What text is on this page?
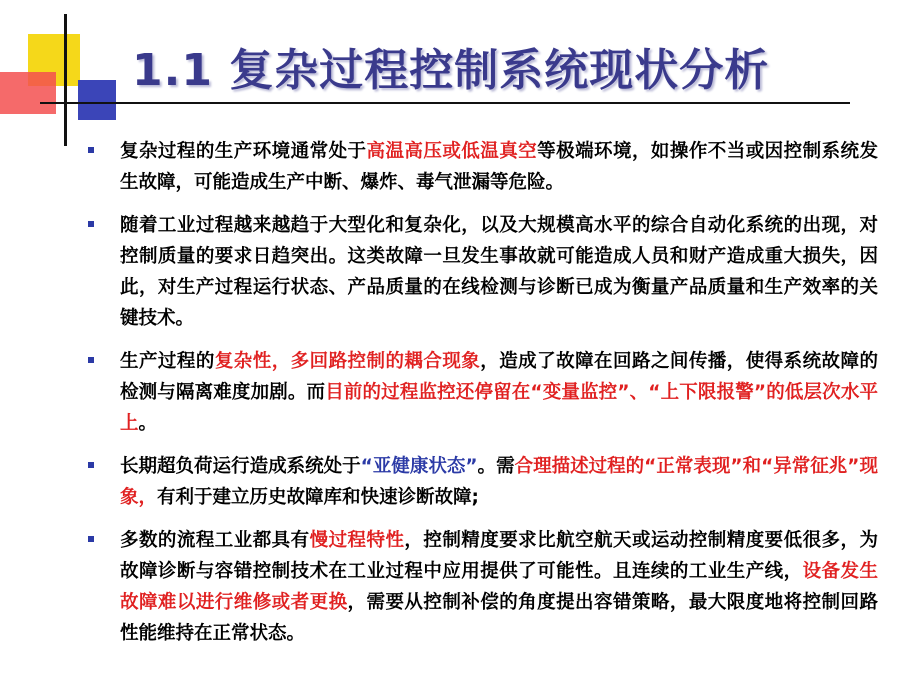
1.1 复杂过程控制系统现状分析
复杂过程的生产环境通常处于高温高压或低温真空等极端环境，如操作不当或因控制系统发生故障，可能造成生产中断、爆炸、毒气泄漏等危险。
随着工业过程越来越趋于大型化和复杂化，以及大规模高水平的综合自动化系统的出现，对控制质量的要求日趋突出。这类故障一旦发生事故就可能造成人员和财产造成重大损失，因此，对生产过程运行状态、产品质量的在线检测与诊断已成为衡量产品质量和生产效率的关键技术。
生产过程的复杂性，多回路控制的耦合现象，造成了故障在回路之间传播，使得系统故障的检测与隔离难度加剧。而目前的过程监控还停留在“变量监控”、“上下限报警”的低层次水平上。
长期超负荷运行造成系统处于“亚健康状态”。需合理描述过程的“正常表现”和“异常征兆”现象，有利于建立历史故障库和快速诊断故障;
多数的流程工业都具有慢过程特性，控制精度要求比航空航天或运动控制精度要低很多，为故障诊断与容错控制技术在工业过程中应用提供了可能性。且连续的工业生产线，设备发生故障难以进行维修或者更换，需要从控制补偿的角度提出容错策略，最大限度地将控制回路性能维持在正常状态。
